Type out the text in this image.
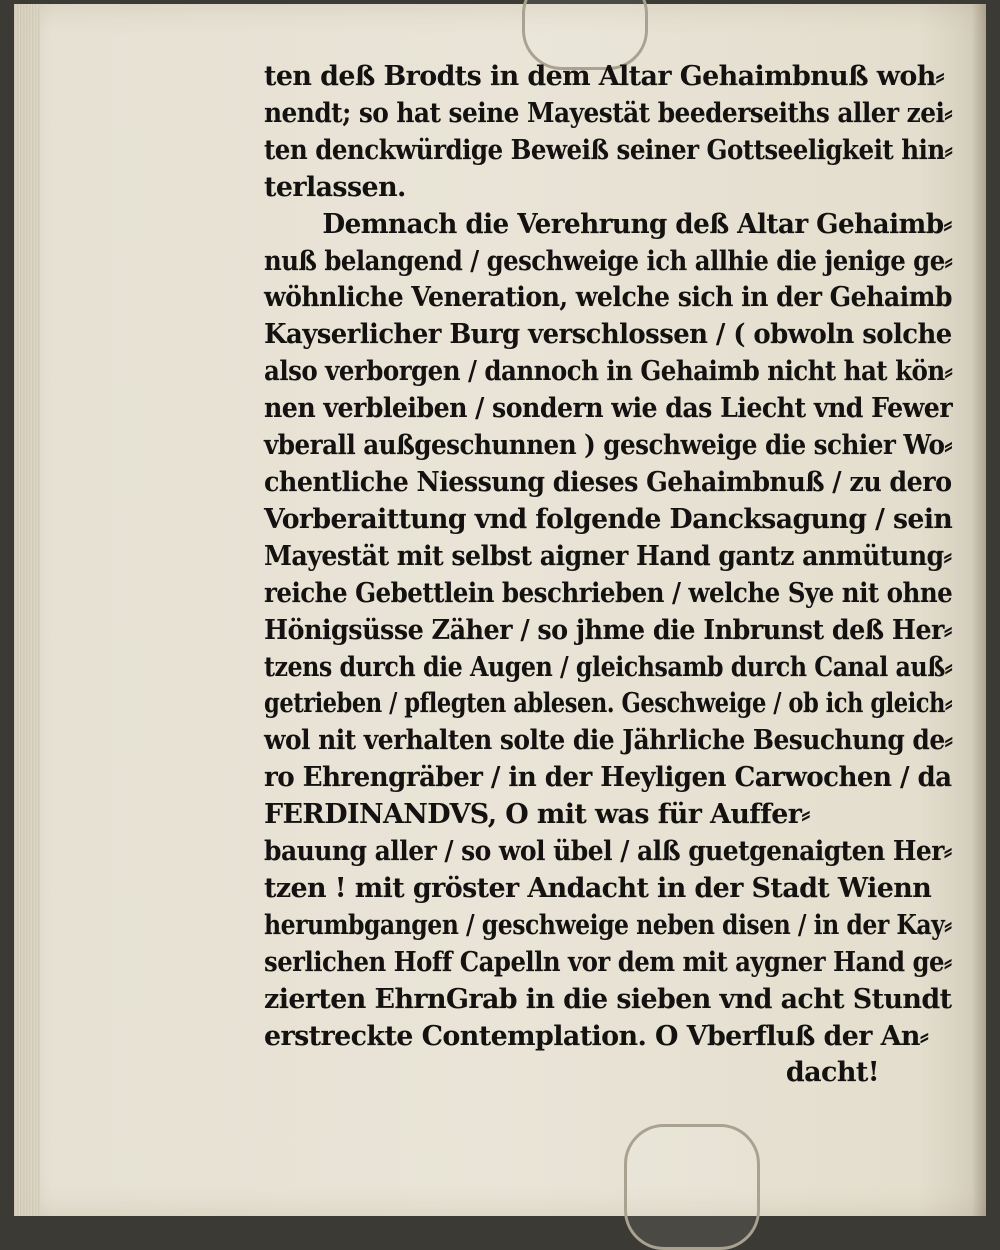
ten deß Brodts in dem Altar Gehaimbnuß woh⸗
nendt; so hat seine Mayestät beederseiths aller zei⸗
ten denckwürdige Beweiß seiner Gottseeligkeit hin⸗
terlassen.
Demnach die Verehrung deß Altar Gehaimb⸗
nuß belangend / geschweige ich allhie die jenige ge⸗
wöhnliche Veneration, welche sich in der Gehaimb
Kayserlicher Burg verschlossen / ( obwoln solche
also verborgen / dannoch in Gehaimb nicht hat kön⸗
nen verbleiben / sondern wie das Liecht vnd Fewer
vberall außgeschunnen ) geschweige die schier Wo⸗
chentliche Niessung dieses Gehaimbnuß / zu dero
Vorberaittung vnd folgende Dancksagung / sein
Mayestät mit selbst aigner Hand gantz anmütung⸗
reiche Gebettlein beschrieben / welche Sye nit ohne
Hönigsüsse Zäher / so jhme die Inbrunst deß Her⸗
tzens durch die Augen / gleichsamb durch Canal auß⸗
getrieben / pflegten ablesen. Geschweige / ob ich gleich⸗
wol nit verhalten solte die Jährliche Besuchung de⸗
ro Ehrengräber / in der Heyligen Carwochen / da
FERDINANDVS, O mit was für Auffer⸗
bauung aller / so wol übel / alß guetgenaigten Her⸗
tzen ! mit gröster Andacht in der Stadt Wienn
herumbgangen / geschweige neben disen / in der Kay⸗
serlichen Hoff Capelln vor dem mit aygner Hand ge⸗
zierten EhrnGrab in die sieben vnd acht Stundt
erstreckte Contemplation. O Vberfluß der An⸗
dacht!
